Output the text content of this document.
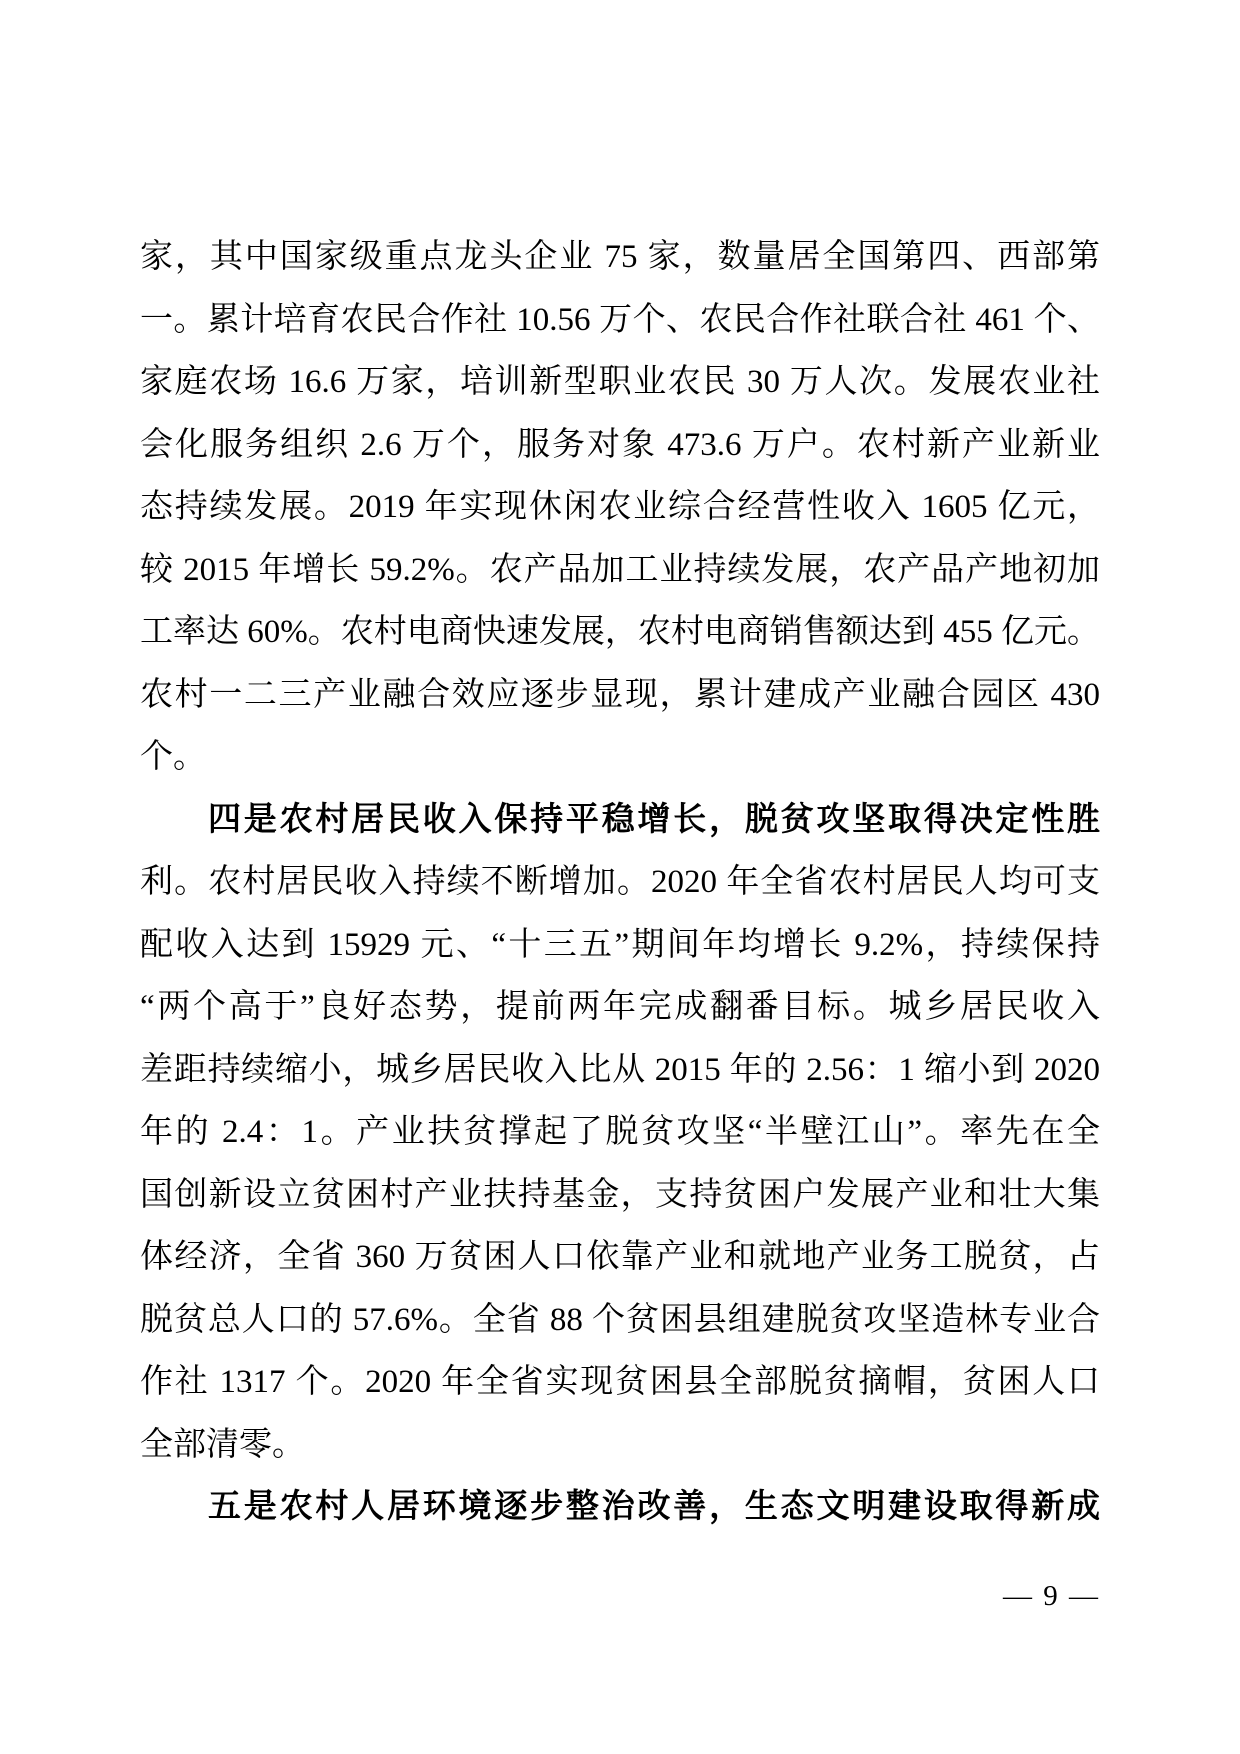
家，其中国家级重点龙头企业 75 家，数量居全国第四、西部第
一。累计培育农民合作社 10.56 万个、农民合作社联合社 461 个、
家庭农场 16.6 万家，培训新型职业农民 30 万人次。发展农业社
会化服务组织 2.6 万个，服务对象 473.6 万户。农村新产业新业
态持续发展。2019 年实现休闲农业综合经营性收入 1605 亿元，
较 2015 年增长 59.2%。农产品加工业持续发展，农产品产地初加
工率达 60%。农村电商快速发展，农村电商销售额达到 455 亿元。
农村一二三产业融合效应逐步显现，累计建成产业融合园区 430
个。
四是农村居民收入保持平稳增长，脱贫攻坚取得决定性胜
利。农村居民收入持续不断增加。2020 年全省农村居民人均可支
配收入达到 15929 元、“十三五”期间年均增长 9.2%，持续保持
“两个高于”良好态势，提前两年完成翻番目标。城乡居民收入
差距持续缩小，城乡居民收入比从 2015 年的 2.56：1 缩小到 2020
年的 2.4：1。产业扶贫撑起了脱贫攻坚“半壁江山”。率先在全
国创新设立贫困村产业扶持基金，支持贫困户发展产业和壮大集
体经济，全省 360 万贫困人口依靠产业和就地产业务工脱贫，占
脱贫总人口的 57.6%。全省 88 个贫困县组建脱贫攻坚造林专业合
作社 1317 个。2020 年全省实现贫困县全部脱贫摘帽，贫困人口
全部清零。
五是农村人居环境逐步整治改善，生态文明建设取得新成
— 9 —
